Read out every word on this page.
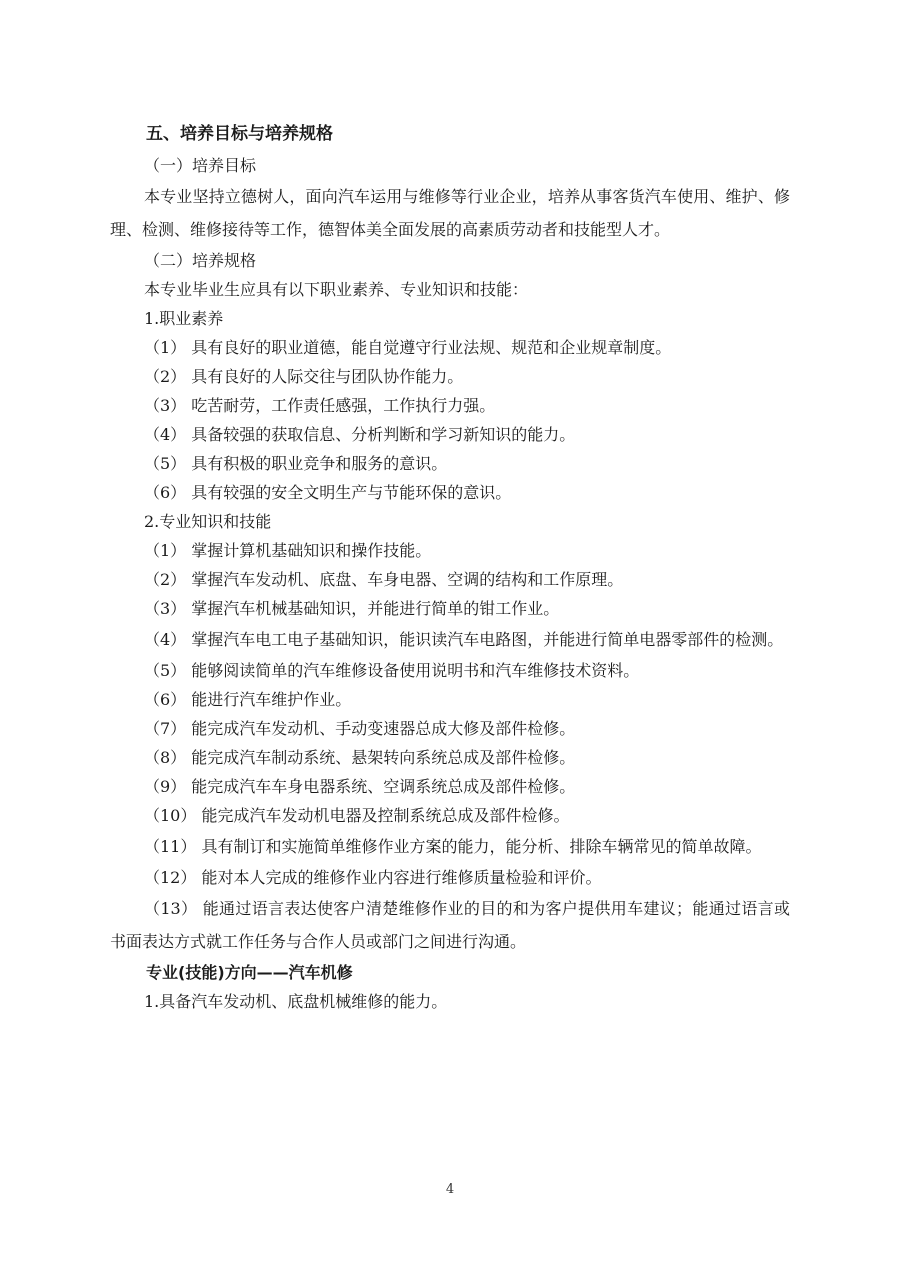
五、培养目标与培养规格
（一）培养目标
本专业坚持立德树人，面向汽车运用与维修等行业企业，培养从事客货汽车使用、维护、修理、检测、维修接待等工作，德智体美全面发展的高素质劳动者和技能型人才。
（二）培养规格
本专业毕业生应具有以下职业素养、专业知识和技能：
1.职业素养
（1） 具有良好的职业道德，能自觉遵守行业法规、规范和企业规章制度。
（2） 具有良好的人际交往与团队协作能力。
（3） 吃苦耐劳，工作责任感强，工作执行力强。
（4） 具备较强的获取信息、分析判断和学习新知识的能力。
（5） 具有积极的职业竞争和服务的意识。
（6） 具有较强的安全文明生产与节能环保的意识。
2.专业知识和技能
（1） 掌握计算机基础知识和操作技能。
（2） 掌握汽车发动机、底盘、车身电器、空调的结构和工作原理。
（3） 掌握汽车机械基础知识，并能进行简单的钳工作业。
（4） 掌握汽车电工电子基础知识，能识读汽车电路图，并能进行简单电器零部件的检测。
（5） 能够阅读简单的汽车维修设备使用说明书和汽车维修技术资料。
（6） 能进行汽车维护作业。
（7） 能完成汽车发动机、手动变速器总成大修及部件检修。
（8） 能完成汽车制动系统、悬架转向系统总成及部件检修。
（9） 能完成汽车车身电器系统、空调系统总成及部件检修。
（10） 能完成汽车发动机电器及控制系统总成及部件检修。
（11） 具有制订和实施简单维修作业方案的能力，能分析、排除车辆常见的简单故障。
（12） 能对本人完成的维修作业内容进行维修质量检验和评价。
（13） 能通过语言表达使客户清楚维修作业的目的和为客户提供用车建议；能通过语言或书面表达方式就工作任务与合作人员或部门之间进行沟通。
专业(技能)方向——汽车机修
1.具备汽车发动机、底盘机械维修的能力。
4
